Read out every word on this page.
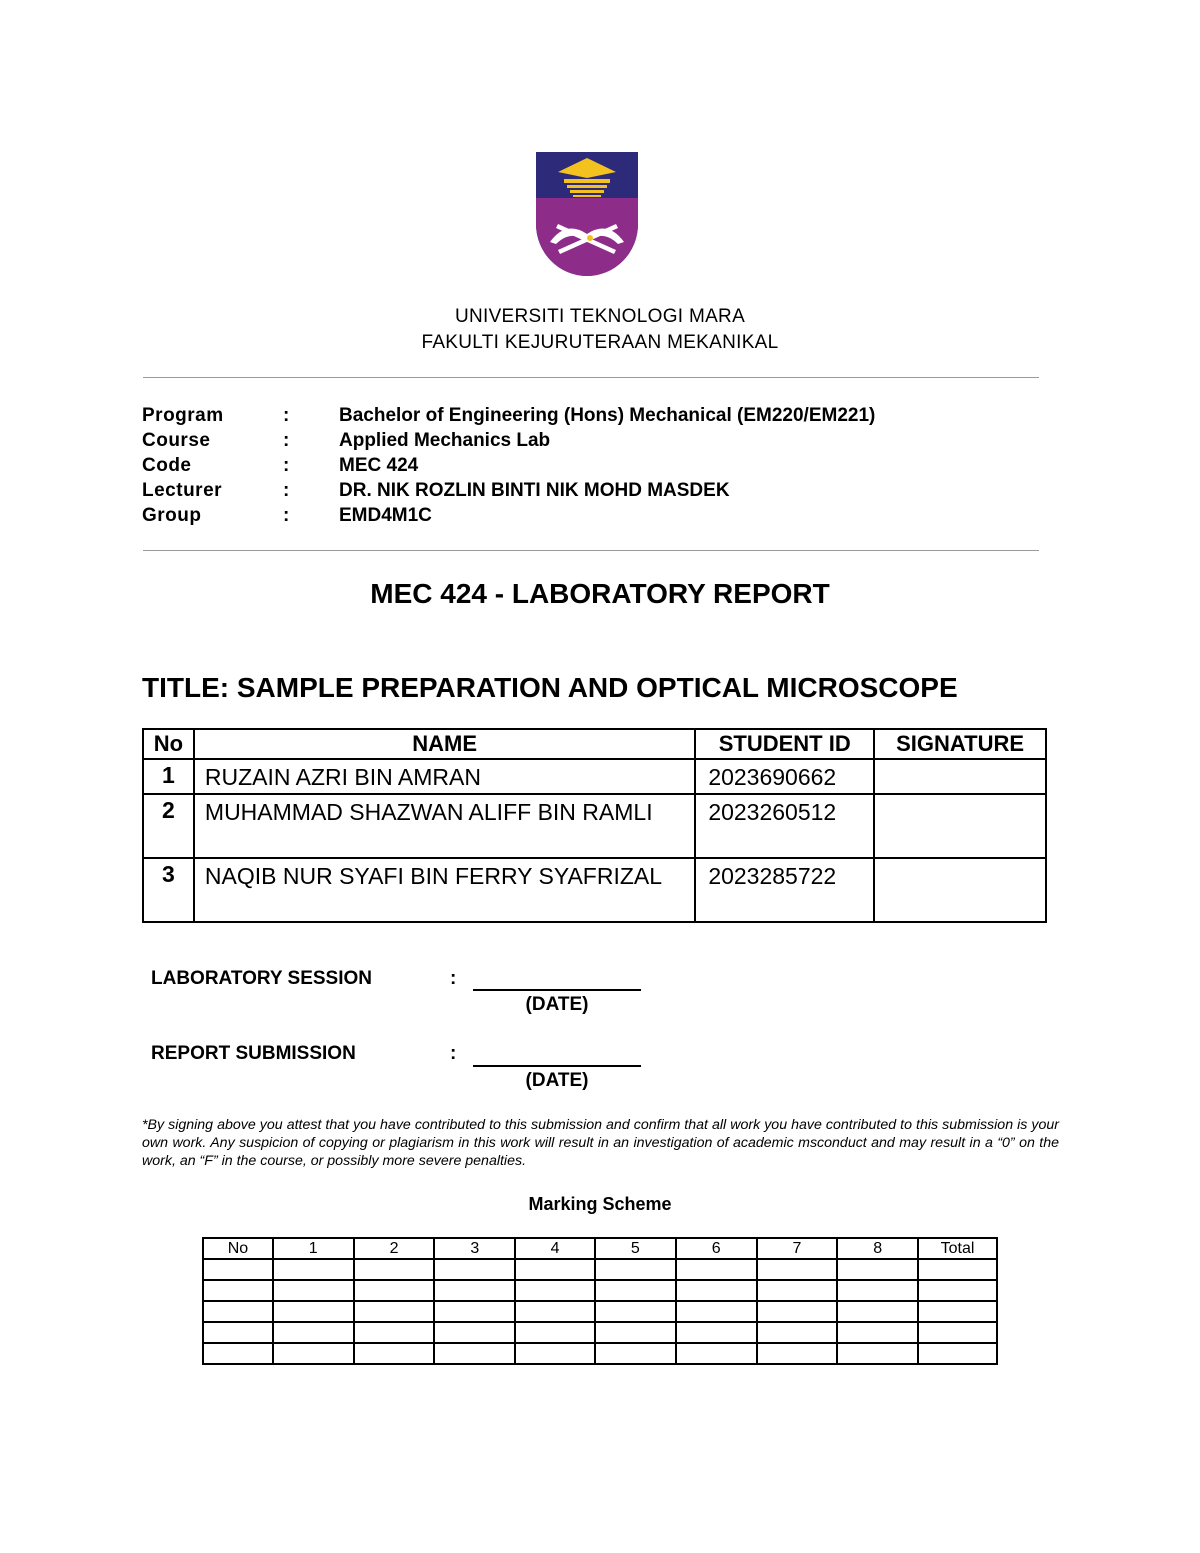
UNIVERSITI TEKNOLOGI MARA
FAKULTI KEJURUTERAAN MEKANIKAL
Program	:	Bachelor of Engineering (Hons) Mechanical (EM220/EM221)
Course	:	Applied Mechanics Lab
Code	:	MEC 424
Lecturer	:	DR. NIK ROZLIN BINTI NIK MOHD MASDEK
Group	:	EMD4M1C
MEC 424 - LABORATORY REPORT
TITLE: SAMPLE PREPARATION AND OPTICAL MICROSCOPE
No	NAME	STUDENT ID	SIGNATURE
1	RUZAIN AZRI BIN AMRAN	2023690662	
2	MUHAMMAD SHAZWAN ALIFF BIN RAMLI	2023260512	
3	NAQIB NUR SYAFI BIN FERRY SYAFRIZAL	2023285722	
LABORATORY SESSION	:
(DATE)
REPORT SUBMISSION	:
(DATE)
*By signing above you attest that you have contributed to this submission and confirm that all work you have contributed to this submission is your own work. Any suspicion of copying or plagiarism in this work will result in an investigation of academic msconduct and may result in a “0” on the work, an “F” in the course, or possibly more severe penalties.
Marking Scheme
No	1	2	3	4	5	6	7	8	Total
